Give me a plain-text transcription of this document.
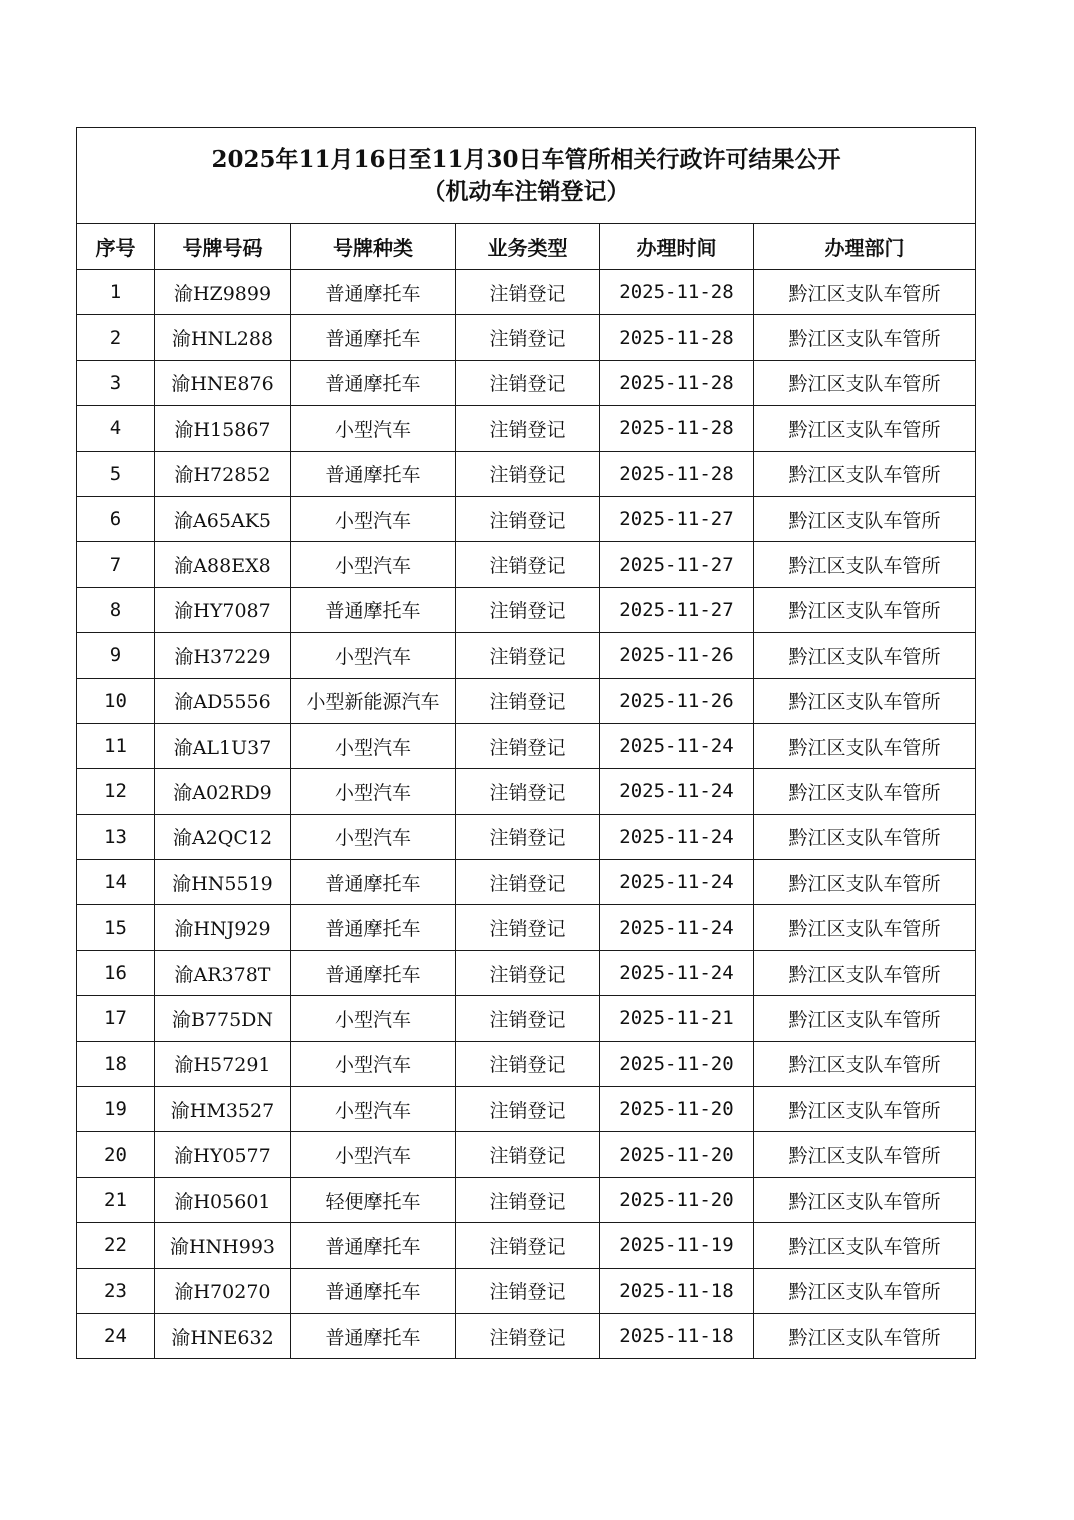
2025年11月16日至11月30日车管所相关行政许可结果公开
（机动车注销登记）					

序号	号牌号码	号牌种类	业务类型	办理时间	办理部门
1	渝HZ9899	普通摩托车	注销登记	2025-11-28	黔江区支队车管所
2	渝HNL288	普通摩托车	注销登记	2025-11-28	黔江区支队车管所
3	渝HNE876	普通摩托车	注销登记	2025-11-28	黔江区支队车管所
4	渝H15867	小型汽车	注销登记	2025-11-28	黔江区支队车管所
5	渝H72852	普通摩托车	注销登记	2025-11-28	黔江区支队车管所
6	渝A65AK5	小型汽车	注销登记	2025-11-27	黔江区支队车管所
7	渝A88EX8	小型汽车	注销登记	2025-11-27	黔江区支队车管所
8	渝HY7087	普通摩托车	注销登记	2025-11-27	黔江区支队车管所
9	渝H37229	小型汽车	注销登记	2025-11-26	黔江区支队车管所
10	渝AD5556	小型新能源汽车	注销登记	2025-11-26	黔江区支队车管所
11	渝AL1U37	小型汽车	注销登记	2025-11-24	黔江区支队车管所
12	渝A02RD9	小型汽车	注销登记	2025-11-24	黔江区支队车管所
13	渝A2QC12	小型汽车	注销登记	2025-11-24	黔江区支队车管所
14	渝HN5519	普通摩托车	注销登记	2025-11-24	黔江区支队车管所
15	渝HNJ929	普通摩托车	注销登记	2025-11-24	黔江区支队车管所
16	渝AR378T	普通摩托车	注销登记	2025-11-24	黔江区支队车管所
17	渝B775DN	小型汽车	注销登记	2025-11-21	黔江区支队车管所
18	渝H57291	小型汽车	注销登记	2025-11-20	黔江区支队车管所
19	渝HM3527	小型汽车	注销登记	2025-11-20	黔江区支队车管所
20	渝HY0577	小型汽车	注销登记	2025-11-20	黔江区支队车管所
21	渝H05601	轻便摩托车	注销登记	2025-11-20	黔江区支队车管所
22	渝HNH993	普通摩托车	注销登记	2025-11-19	黔江区支队车管所
23	渝H70270	普通摩托车	注销登记	2025-11-18	黔江区支队车管所
24	渝HNE632	普通摩托车	注销登记	2025-11-18	黔江区支队车管所
